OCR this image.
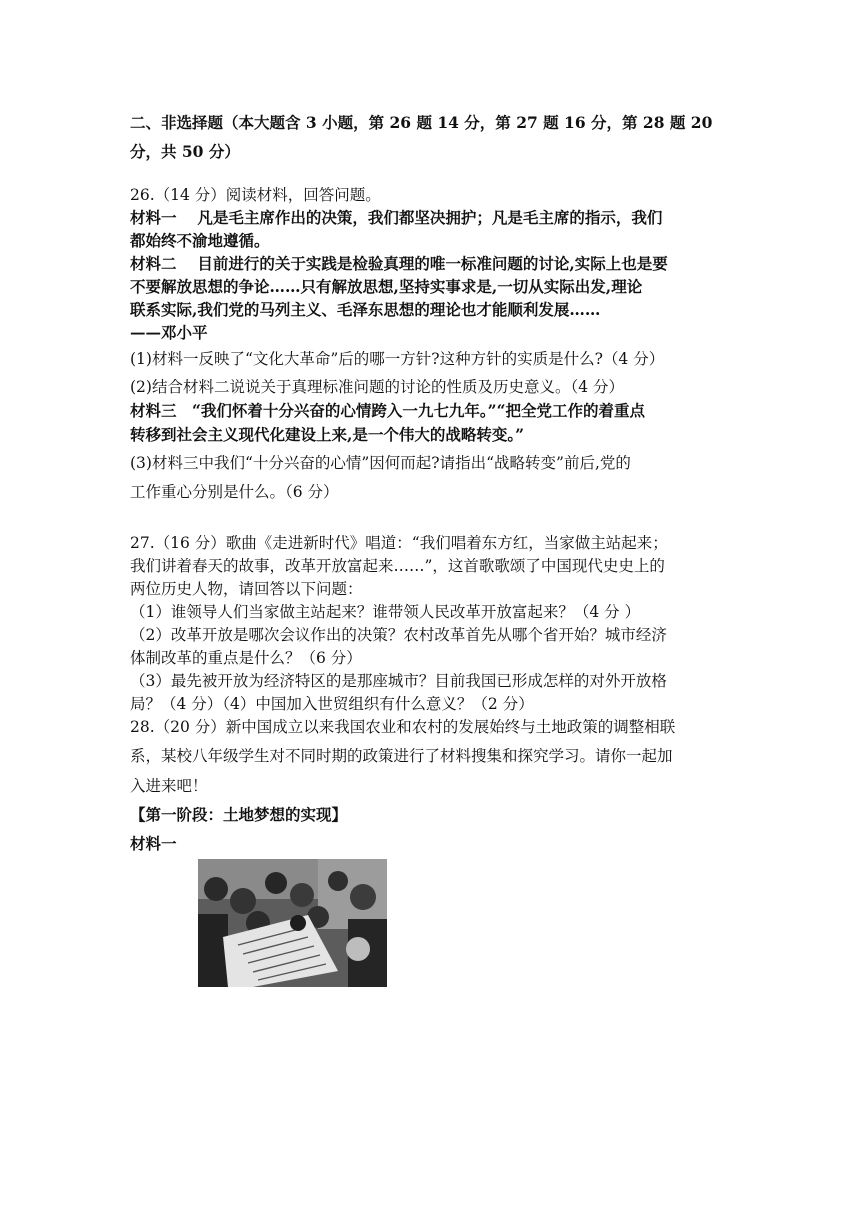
二、非选择题（本大题含 3 小题，第 26 题 14 分，第 27 题 16 分，第 28 题 20
分，共 50 分）
26.（14 分）阅读材料，回答问题。
材料一　 凡是毛主席作出的决策，我们都坚决拥护；凡是毛主席的指示，我们
都始终不渝地遵循。
材料二　 目前进行的关于实践是检验真理的唯一标准问题的讨论,实际上也是要
不要解放思想的争论……只有解放思想,坚持实事求是,一切从实际出发,理论
联系实际,我们党的马列主义、毛泽东思想的理论也才能顺利发展……
——邓小平
(1)材料一反映了“文化大革命”后的哪一方针?这种方针的实质是什么?（4 分）
(2)结合材料二说说关于真理标准问题的讨论的性质及历史意义。（4 分）
材料三　“我们怀着十分兴奋的心情跨入一九七九年。”“把全党工作的着重点
转移到社会主义现代化建设上来,是一个伟大的战略转变。”
(3)材料三中我们“十分兴奋的心情”因何而起?请指出“战略转变”前后,党的
工作重心分别是什么。（6 分）
27.（16 分）歌曲《走进新时代》唱道：“我们唱着东方红，当家做主站起来；
我们讲着春天的故事，改革开放富起来……”，这首歌歌颂了中国现代史史上的
两位历史人物，请回答以下问题：
（1）谁领导人们当家做主站起来？谁带领人民改革开放富起来？（4 分 ）
（2）改革开放是哪次会议作出的决策？农村改革首先从哪个省开始？城市经济
体制改革的重点是什么？（6 分）
（3）最先被开放为经济特区的是那座城市？目前我国已形成怎样的对外开放格
局？（4 分）（4）中国加入世贸组织有什么意义？（2 分）
28.（20 分）新中国成立以来我国农业和农村的发展始终与土地政策的调整相联
系，某校八年级学生对不同时期的政策进行了材料搜集和探究学习。请你一起加
入进来吧！
【第一阶段：土地梦想的实现】
材料一
